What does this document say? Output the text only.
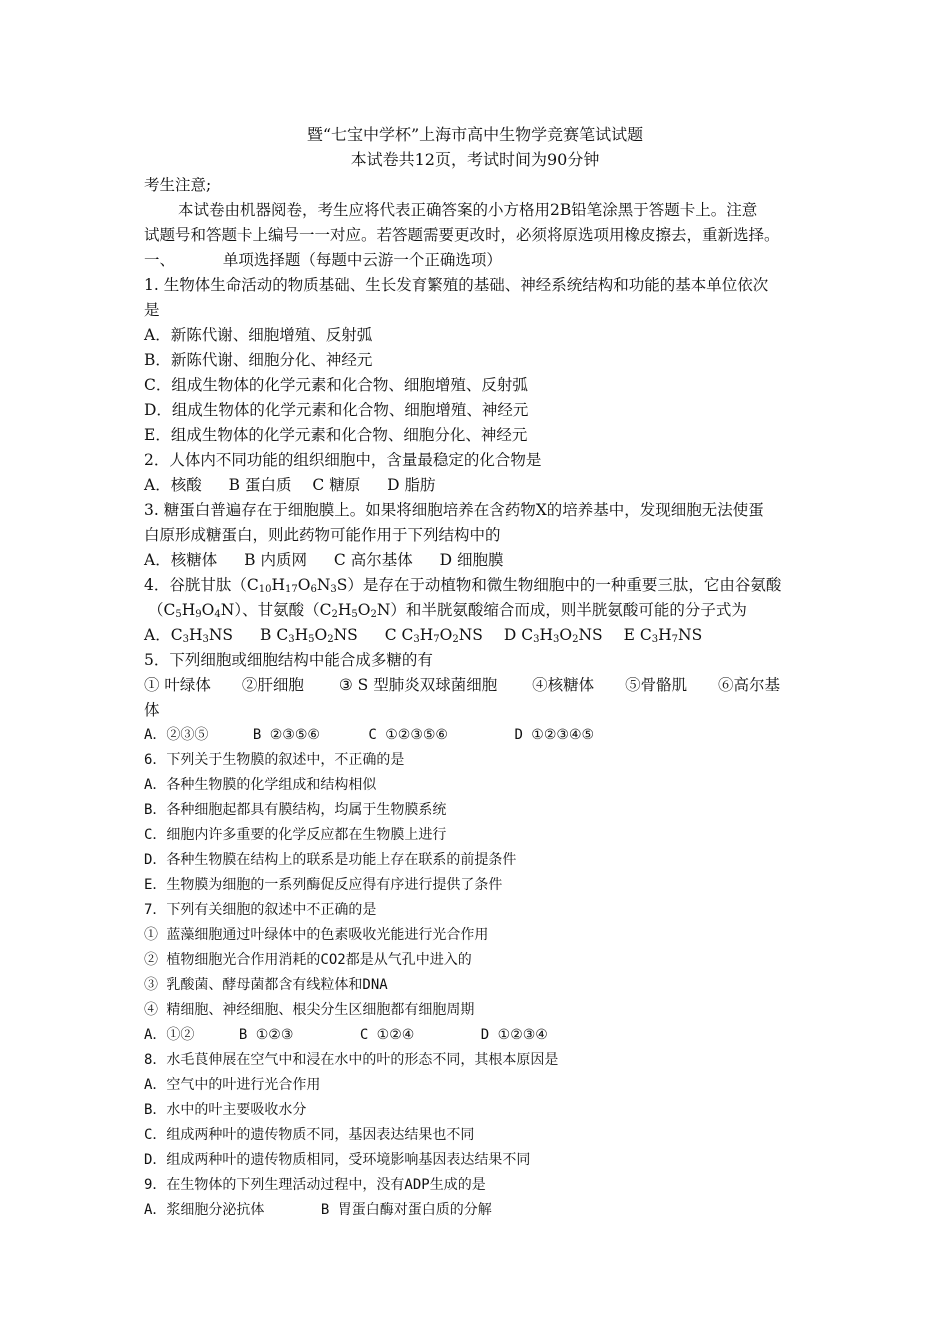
暨“七宝中学杯”上海市高中生物学竞赛笔试试题
本试卷共12页，考试时间为90分钟
考生注意;
本试卷由机器阅卷，考生应将代表正确答案的小方格用2B铅笔涂黑于答题卡上。注意
试题号和答题卡上编号一一对应。若答题需要更改时，必须将原选项用橡皮擦去，重新选择。
一、	单项选择题（每题中云游一个正确选项）
1. 生物体生命活动的物质基础、生长发育繁殖的基础、神经系统结构和功能的基本单位依次
是
A．新陈代谢、细胞增殖、反射弧
B．新陈代谢、细胞分化、神经元
C．组成生物体的化学元素和化合物、细胞增殖、反射弧
D．组成生物体的化学元素和化合物、细胞增殖、神经元
E．组成生物体的化学元素和化合物、细胞分化、神经元
2．人体内不同功能的组织细胞中，含量最稳定的化合物是
A．核酸 B 蛋白质 C 糖原 D 脂肪
3. 糖蛋白普遍存在于细胞膜上。如果将细胞培养在含药物X的培养基中，发现细胞无法使蛋
白原形成糖蛋白，则此药物可能作用于下列结构中的
A．核糖体 B 内质网 C 高尔基体 D 细胞膜
4．谷胱甘肽$(C_{10}H_{17}O_6N_3S)$是存在于动植物和微生物细胞中的一种重要三肽，它由谷氨酸
$(C_5H_9O_4N)$、甘氨酸$(C_2H_5O_2N)$和半胱氨酸缩合而成，则半胱氨酸可能的分子式为
A．$C_3H_3NS$ B $C_3H_5O_2NS$ C $C_3H_7O_2NS$ D $C_3H_3O_2NS$ E $C_3H_7NS$
5．下列细胞或细胞结构中能合成多糖的有
① 叶绿体 ②肝细胞 ③ S 型肺炎双球菌细胞 ④核糖体 ⑤骨骼肌 ⑥高尔基
体
A．②③⑤	B ②③⑤⑥	C ①②③⑤⑥	D ①②③④⑤
6．下列关于生物膜的叙述中，不正确的是
A．各种生物膜的化学组成和结构相似
B．各种细胞起都具有膜结构，均属于生物膜系统
C．细胞内许多重要的化学反应都在生物膜上进行
D．各种生物膜在结构上的联系是功能上存在联系的前提条件
E．生物膜为细胞的一系列酶促反应得有序进行提供了条件
7．下列有关细胞的叙述中不正确的是
① 蓝藻细胞通过叶绿体中的色素吸收光能进行光合作用
② 植物细胞光合作用消耗的CO2都是从气孔中进入的
③ 乳酸菌、酵母菌都含有线粒体和DNA
④ 精细胞、神经细胞、根尖分生区细胞都有细胞周期
A．①②	B ①②③	C ①②④	D ①②③④
8．水毛茛伸展在空气中和浸在水中的叶的形态不同，其根本原因是
A．空气中的叶进行光合作用
B．水中的叶主要吸收水分
C．组成两种叶的遗传物质不同，基因表达结果也不同
D．组成两种叶的遗传物质相同，受环境影响基因表达结果不同
9．在生物体的下列生理活动过程中，没有ADP生成的是
A．浆细胞分泌抗体	B 胃蛋白酶对蛋白质的分解
